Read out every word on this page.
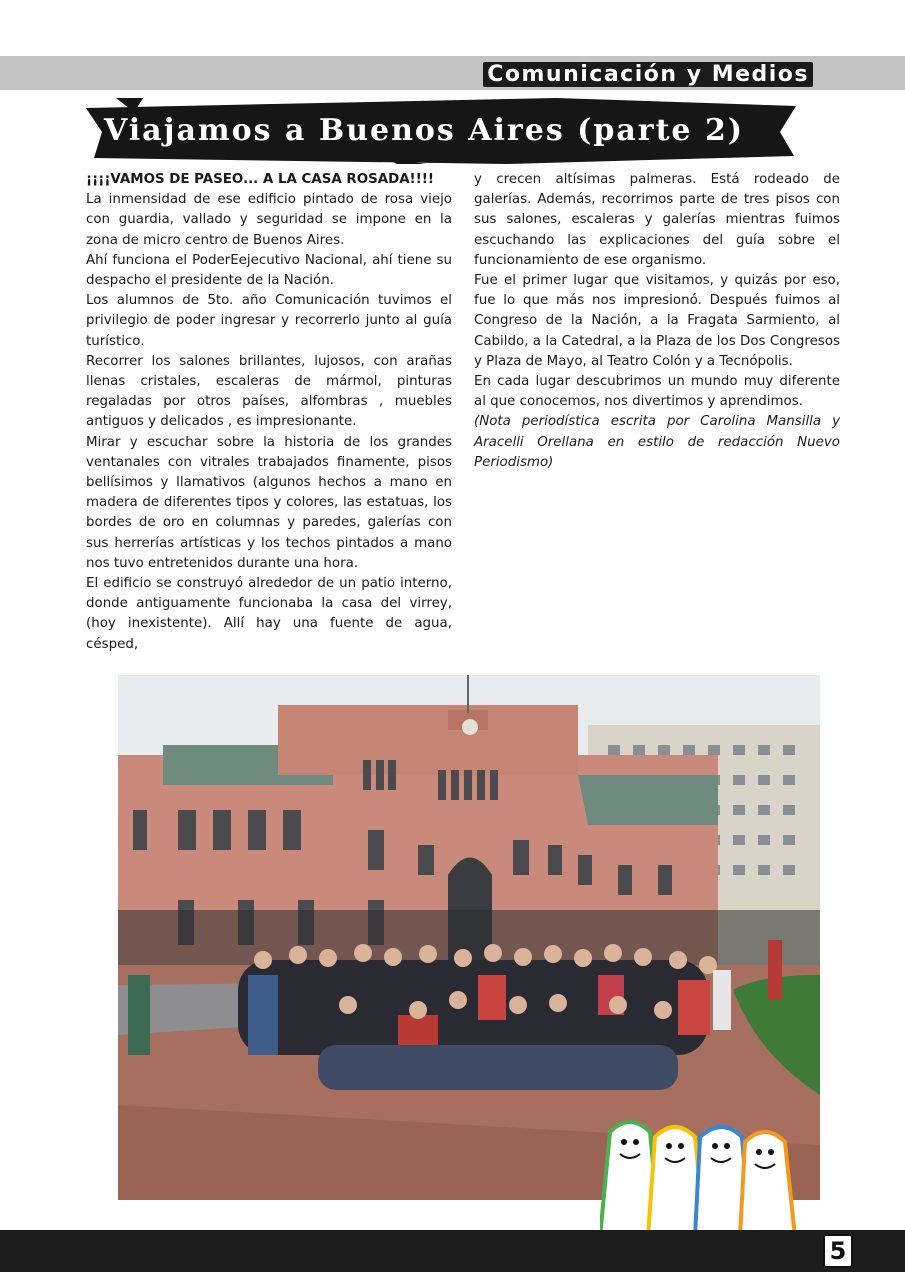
Comunicación y Medios
Viajamos a Buenos Aires (parte 2)

¡¡¡¡VAMOS DE PASEO... A LA CASA ROSADA!!!!

La inmensidad de ese edificio pintado de rosa viejo con guardia, vallado y seguridad se impone en la zona de micro centro de Buenos Aires.

Ahí funciona el PoderEejecutivo Nacional, ahí tiene su despacho el presidente de la Nación.

Los alumnos de 5to. año Comunicación tuvimos el privilegio de poder ingresar y recorrerlo junto al guía turístico.

Recorrer los salones brillantes, lujosos, con arañas llenas cristales, escaleras de mármol, pinturas regaladas por otros países, alfombras , muebles antiguos y delicados , es impresionante.

Mirar y escuchar sobre la historia de los grandes ventanales con vitrales trabajados finamente, pisos bellísimos y llamativos (algunos hechos a mano en madera de diferentes tipos y colores, las estatuas, los bordes de oro en columnas y paredes, galerías con sus herrerías artísticas y los techos pintados a mano nos tuvo entretenidos durante una hora.

El edificio se construyó alrededor de un patio interno, donde antiguamente funcionaba la casa del virrey, (hoy inexistente). Allí hay una fuente de agua, césped,

y crecen altísimas palmeras. Está rodeado de galerías. Además, recorrimos parte de tres pisos con sus salones, escaleras y galerías mientras fuimos escuchando las explicaciones del guía sobre el funcionamiento de ese organismo.

Fue el primer lugar que visitamos, y quizás por eso, fue lo que más nos impresionó. Después fuimos al Congreso de la Nación, a la Fragata Sarmiento, al Cabildo, a la Catedral, a la Plaza de los Dos Congresos y Plaza de Mayo, al Teatro Colón y a Tecnópolis.

En cada lugar descubrimos un mundo muy diferente al que conocemos, nos divertimos y aprendimos.

(Nota periodística escrita por Carolina Mansilla y Aracelli Orellana en estilo de redacción Nuevo Periodismo)

5
